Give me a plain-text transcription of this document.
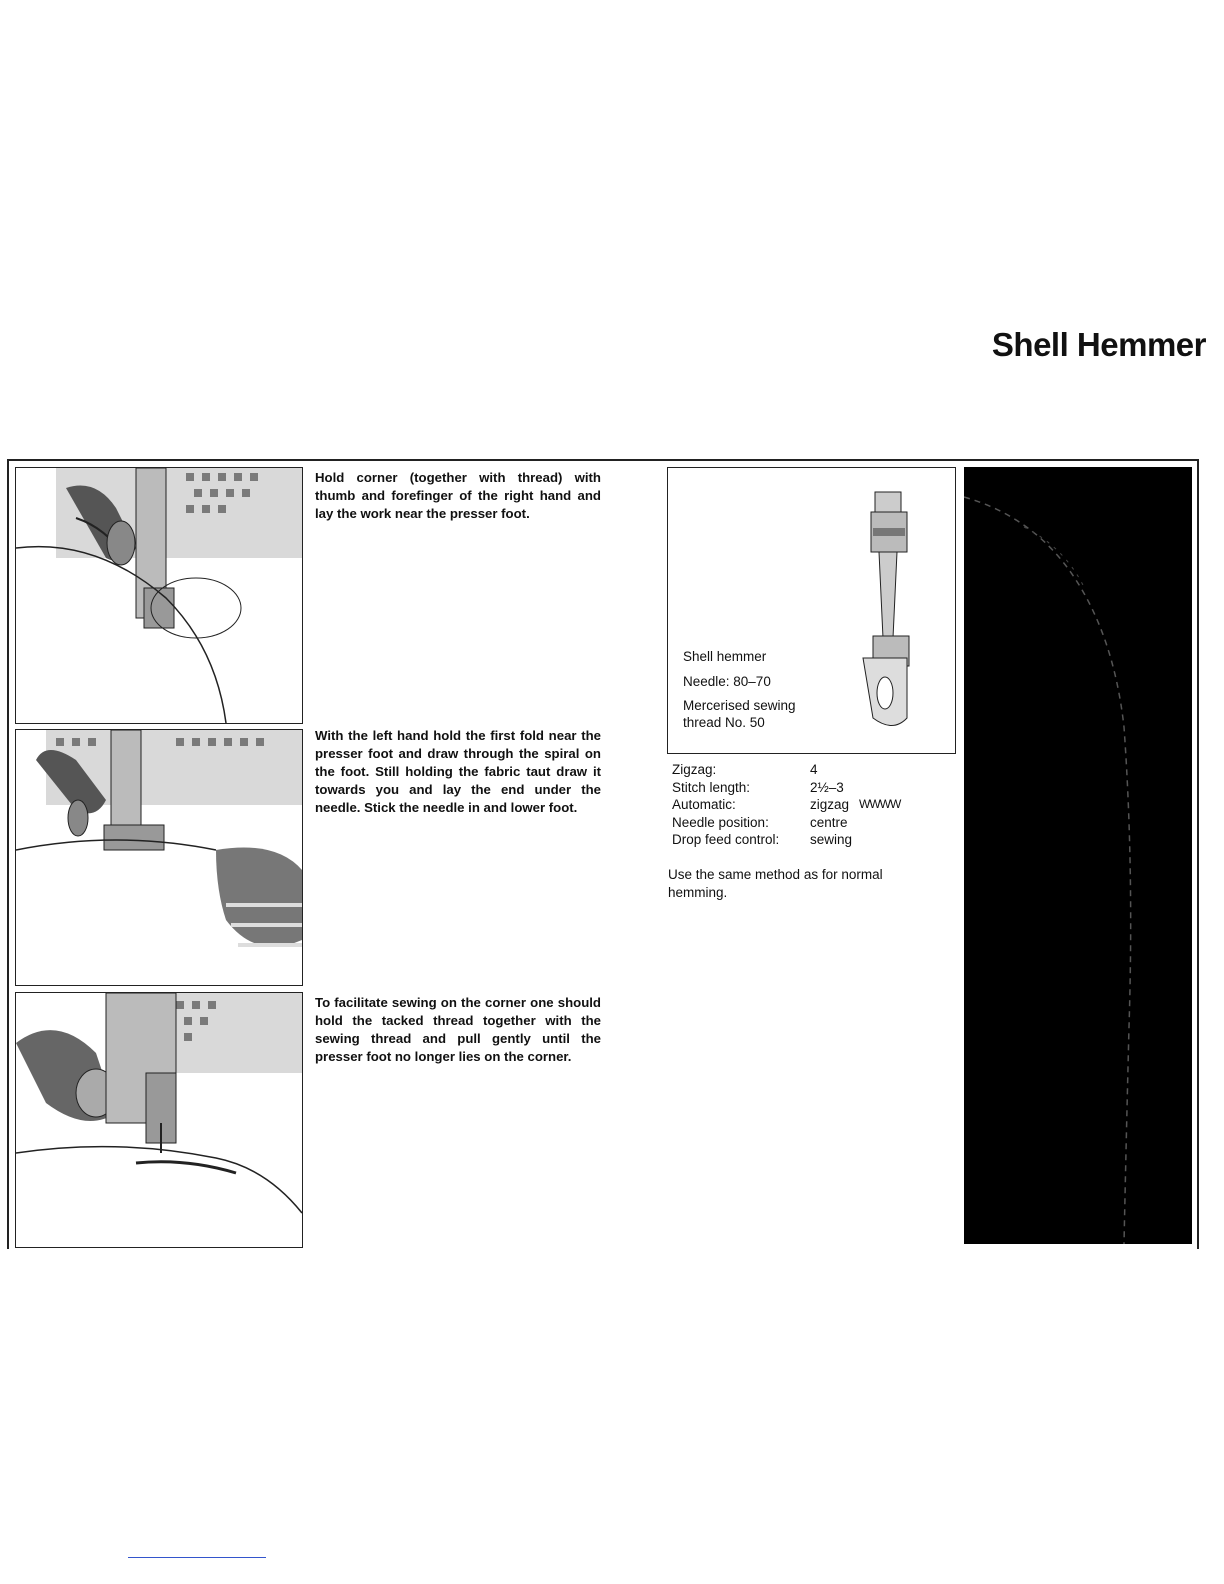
Shell Hemmer

Hold corner (together with thread) with thumb and forefinger of the right hand and lay the work near the presser foot.

With the left hand hold the first fold near the presser foot and draw through the spiral on the foot. Still holding the fabric taut draw it towards you and lay the end under the needle. Stick the needle in and lower foot.

To facilitate sewing on the corner one should hold the tacked thread together with the sewing thread and pull gently until the presser foot no longer lies on the corner.

Shell hemmer

Needle: 80–70

Mercerised sewing

thread No. 50

Zigzag:	4
Stitch length:	2½–3
Automatic:	zigzag WWWW
Needle position:	centre
Drop feed control:	sewing

Use the same method as for normal hemming.
